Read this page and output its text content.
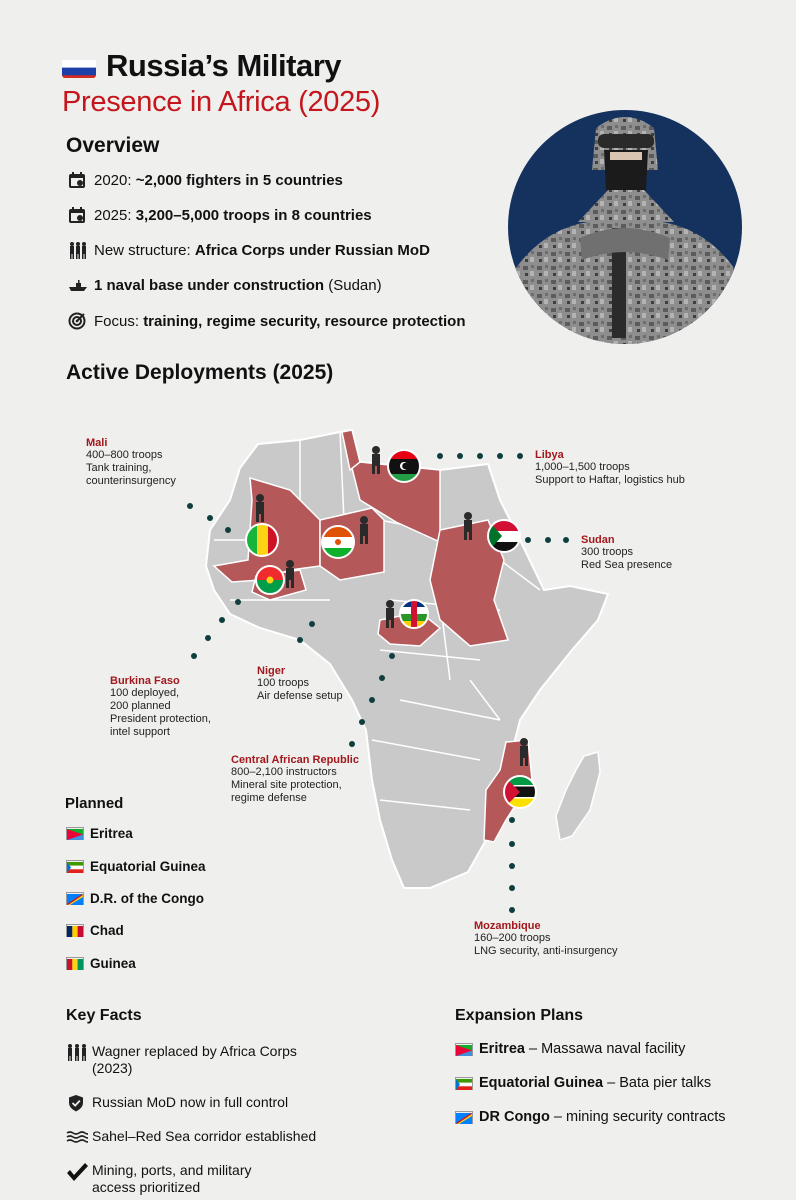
Russia’s Military
Presence in Africa (2025)
Overview
2020: ~2,000 fighters in 5 countries
2025: 3,200–5,000 troops in 8 countries
New structure: Africa Corps under Russian MoD
1 naval base under construction (Sudan)
Focus: training, regime security, resource protection
Active Deployments (2025)
Mali
400–800 troops
Tank training,
counterinsurgency
Libya
1,000–1,500 troops
Support to Haftar, logistics hub
Sudan
300 troops
Red Sea presence
Burkina Faso
100 deployed,
200 planned
President protection,
intel support
Niger
100 troops
Air defense setup
Central African Republic
800–2,100 instructors
Mineral site protection,
regime defense
Mozambique
160–200 troops
LNG security, anti-insurgency
Planned
Eritrea
Equatorial Guinea
D.R. of the Congo
Chad
Guinea
Key Facts
Wagner replaced by Africa Corps
(2023)
Russian MoD now in full control
Sahel–Red Sea corridor established
Mining, ports, and military
access prioritized
Expansion Plans
Eritrea – Massawa naval facility
Equatorial Guinea – Bata pier talks
DR Congo – mining security contracts
